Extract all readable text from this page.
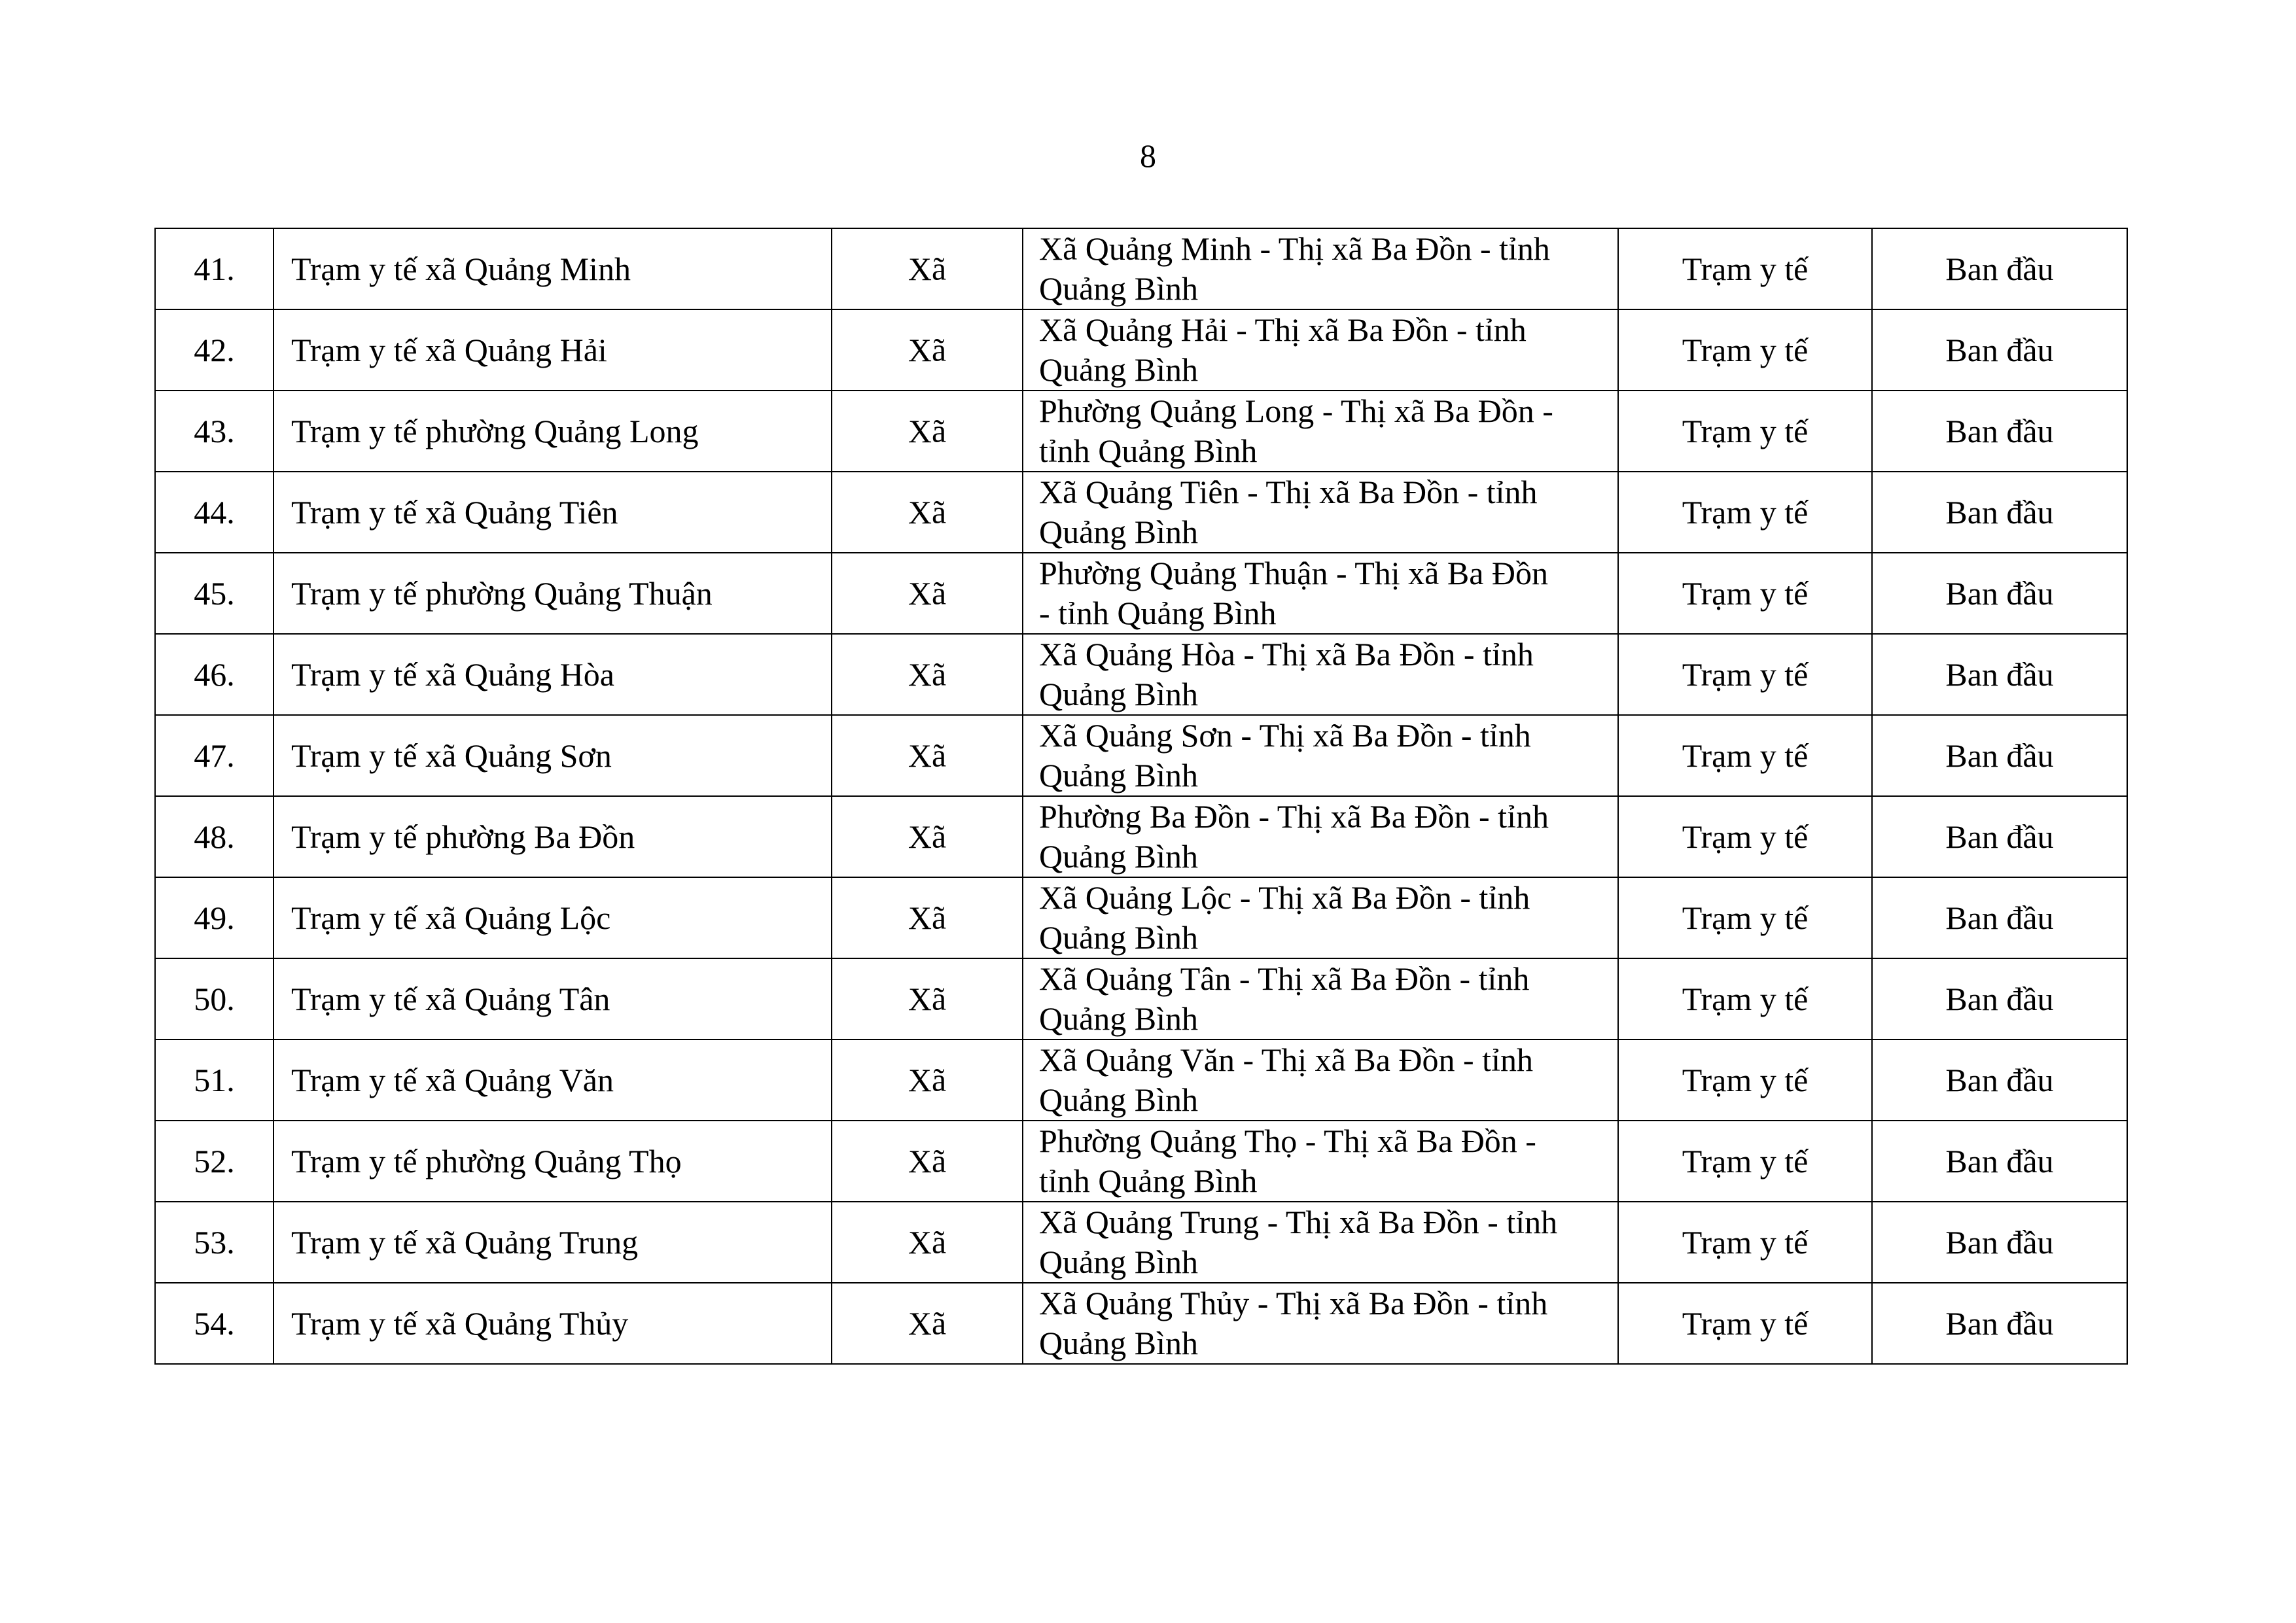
8
41.	Trạm y tế xã Quảng Minh	Xã	Xã Quảng Minh - Thị xã Ba Đồn - tỉnh
Quảng Bình	Trạm y tế	Ban đầu
42.	Trạm y tế xã Quảng Hải	Xã	Xã Quảng Hải - Thị xã Ba Đồn - tỉnh
Quảng Bình	Trạm y tế	Ban đầu
43.	Trạm y tế phường Quảng Long	Xã	Phường Quảng Long - Thị xã Ba Đồn -
tỉnh Quảng Bình	Trạm y tế	Ban đầu
44.	Trạm y tế xã Quảng Tiên	Xã	Xã Quảng Tiên - Thị xã Ba Đồn - tỉnh
Quảng Bình	Trạm y tế	Ban đầu
45.	Trạm y tế phường Quảng Thuận	Xã	Phường Quảng Thuận - Thị xã Ba Đồn
- tỉnh Quảng Bình	Trạm y tế	Ban đầu
46.	Trạm y tế xã Quảng Hòa	Xã	Xã Quảng Hòa - Thị xã Ba Đồn - tỉnh
Quảng Bình	Trạm y tế	Ban đầu
47.	Trạm y tế xã Quảng Sơn	Xã	Xã Quảng Sơn - Thị xã Ba Đồn - tỉnh
Quảng Bình	Trạm y tế	Ban đầu
48.	Trạm y tế phường Ba Đồn	Xã	Phường Ba Đồn - Thị xã Ba Đồn - tỉnh
Quảng Bình	Trạm y tế	Ban đầu
49.	Trạm y tế xã Quảng Lộc	Xã	Xã Quảng Lộc - Thị xã Ba Đồn - tỉnh
Quảng Bình	Trạm y tế	Ban đầu
50.	Trạm y tế xã Quảng Tân	Xã	Xã Quảng Tân - Thị xã Ba Đồn - tỉnh
Quảng Bình	Trạm y tế	Ban đầu
51.	Trạm y tế xã Quảng Văn	Xã	Xã Quảng Văn - Thị xã Ba Đồn - tỉnh
Quảng Bình	Trạm y tế	Ban đầu
52.	Trạm y tế phường Quảng Thọ	Xã	Phường Quảng Thọ - Thị xã Ba Đồn -
tỉnh Quảng Bình	Trạm y tế	Ban đầu
53.	Trạm y tế xã Quảng Trung	Xã	Xã Quảng Trung - Thị xã Ba Đồn - tỉnh
Quảng Bình	Trạm y tế	Ban đầu
54.	Trạm y tế xã Quảng Thủy	Xã	Xã Quảng Thủy - Thị xã Ba Đồn - tỉnh
Quảng Bình	Trạm y tế	Ban đầu
